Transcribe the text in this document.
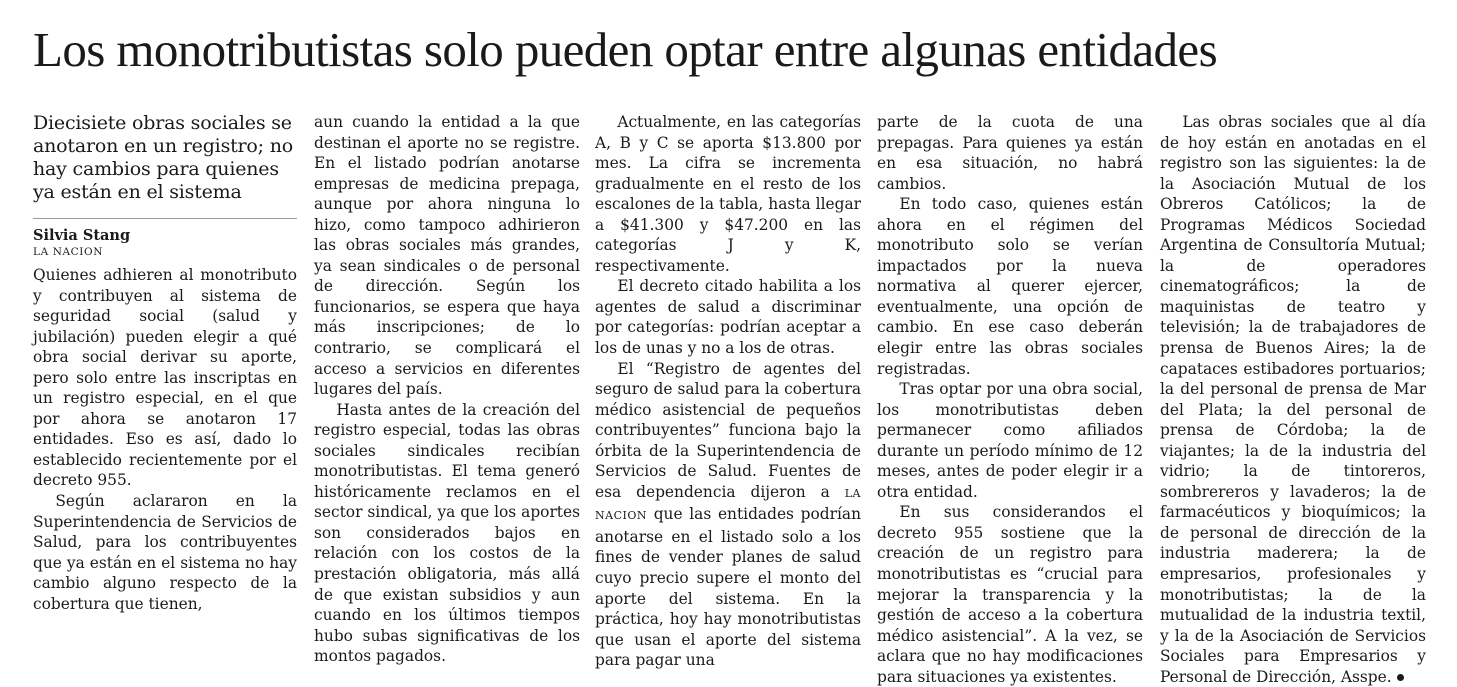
Los monotributistas solo pueden optar entre algunas entidades

Diecisiete obras sociales se anotaron en un registro; no hay cambios para quienes ya están en el sistema

Silvia Stang
LA NACION

Quienes adhieren al monotributo y contribuyen al sistema de seguridad social (salud y jubilación) pueden elegir a qué obra social derivar su aporte, pero solo entre las inscriptas en un registro especial, en el que por ahora se anotaron 17 entidades. Eso es así, dado lo establecido recientemente por el decreto 955.

Según aclararon en la Superintendencia de Servicios de Salud, para los contribuyentes que ya están en el sistema no hay cambio alguno respecto de la cobertura que tienen,

aun cuando la entidad a la que destinan el aporte no se registre. En el listado podrían anotarse empresas de medicina prepaga, aunque por ahora ninguna lo hizo, como tampoco adhirieron las obras sociales más grandes, ya sean sindicales o de personal de dirección. Según los funcionarios, se espera que haya más inscripciones; de lo contrario, se complicará el acceso a servicios en diferentes lugares del país.

Hasta antes de la creación del registro especial, todas las obras sociales sindicales recibían monotributistas. El tema generó históricamente reclamos en el sector sindical, ya que los aportes son considerados bajos en relación con los costos de la prestación obligatoria, más allá de que existan subsidios y aun cuando en los últimos tiempos hubo subas significativas de los montos pagados.

Actualmente, en las categorías A, B y C se aporta $13.800 por mes. La cifra se incrementa gradualmente en el resto de los escalones de la tabla, hasta llegar a $41.300 y $47.200 en las categorías J y K, respectivamente.

El decreto citado habilita a los agentes de salud a discriminar por categorías: podrían aceptar a los de unas y no a los de otras.

El “Registro de agentes del seguro de salud para la cobertura médico asistencial de pequeños contribuyentes” funciona bajo la órbita de la Superintendencia de Servicios de Salud. Fuentes de esa dependencia dijeron a LA NACION que las entidades podrían anotarse en el listado solo a los fines de vender planes de salud cuyo precio supere el monto del aporte del sistema. En la práctica, hoy hay monotributistas que usan el aporte del sistema para pagar una

parte de la cuota de una prepagas. Para quienes ya están en esa situación, no habrá cambios.

En todo caso, quienes están ahora en el régimen del monotributo solo se verían impactados por la nueva normativa al querer ejercer, eventualmente, una opción de cambio. En ese caso deberán elegir entre las obras sociales registradas.

Tras optar por una obra social, los monotributistas deben permanecer como afiliados durante un período mínimo de 12 meses, antes de poder elegir ir a otra entidad.

En sus considerandos el decreto 955 sostiene que la creación de un registro para monotributistas es “crucial para mejorar la transparencia y la gestión de acceso a la cobertura médico asistencial”. A la vez, se aclara que no hay modificaciones para situaciones ya existentes.

Las obras sociales que al día de hoy están en anotadas en el registro son las siguientes: la de la Asociación Mutual de los Obreros Católicos; la de Programas Médicos Sociedad Argentina de Consultoría Mutual; la de operadores cinematográficos; la de maquinistas de teatro y televisión; la de trabajadores de prensa de Buenos Aires; la de capataces estibadores portuarios; la del personal de prensa de Mar del Plata; la del personal de prensa de Córdoba; la de viajantes; la de la industria del vidrio; la de tintoreros, sombrereros y lavaderos; la de farmacéuticos y bioquímicos; la de personal de dirección de la industria maderera; la de empresarios, profesionales y monotributistas; la de la mutualidad de la industria textil, y la de la Asociación de Servicios Sociales para Empresarios y Personal de Dirección, Asspe.
